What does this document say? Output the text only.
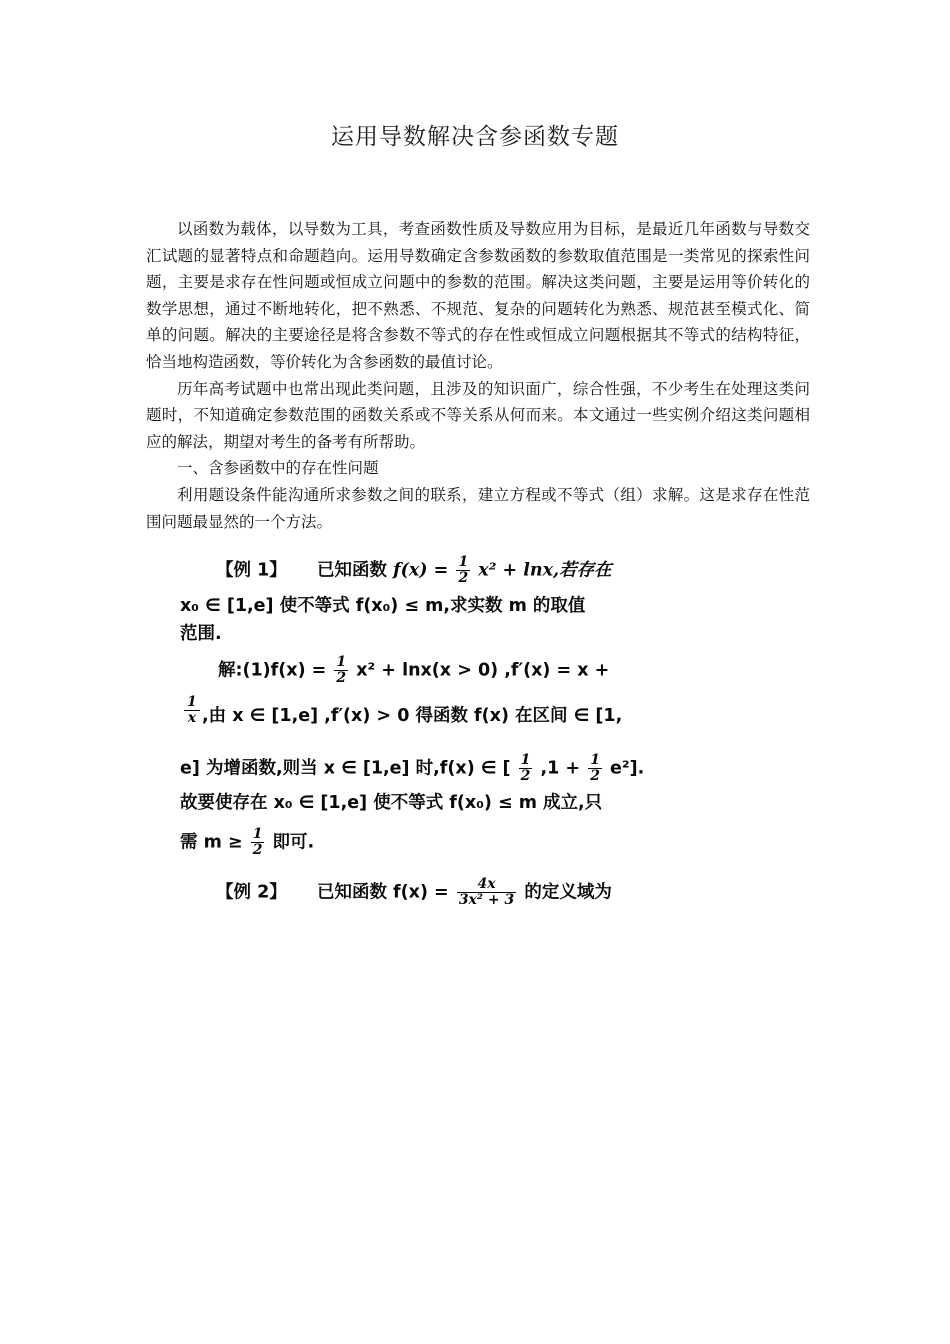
运用导数解决含参函数专题

以函数为载体，以导数为工具，考查函数性质及导数应用为目标，是最近几年函数与导数交汇试题的显著特点和命题趋向。运用导数确定含参数函数的参数取值范围是一类常见的探索性问题，主要是求存在性问题或恒成立问题中的参数的范围。解决这类问题，主要是运用等价转化的数学思想，通过不断地转化，把不熟悉、不规范、复杂的问题转化为熟悉、规范甚至模式化、简单的问题。解决的主要途径是将含参数不等式的存在性或恒成立问题根据其不等式的结构特征，恰当地构造函数，等价转化为含参函数的最值讨论。

历年高考试题中也常出现此类问题，且涉及的知识面广，综合性强，不少考生在处理这类问题时，不知道确定参数范围的函数关系或不等关系从何而来。本文通过一些实例介绍这类问题相应的解法，期望对考生的备考有所帮助。

一、含参函数中的存在性问题

利用题设条件能沟通所求参数之间的联系，建立方程或不等式（组）求解。这是求存在性范围问题最显然的一个方法。

【例 1】 已知函数 $f(x) = \frac{1}{2} x^2 + \ln x$,若存在
x₀ ∈ [1,e] 使不等式 f(x₀) ≤ m,求实数 m 的取值
范围.
解:(1)f(x) = $\frac{1}{2} x^2 + \ln x(x > 0) ,f'(x) = x$ +
$\frac{1}{x}$ ,由 x ∈ [1,e] ,f′(x) > 0 得函数 f(x) 在区间 ∈ [1,
e] 为增函数,则当 x ∈ [1,e] 时,f(x) ∈ [ $\frac{1}{2} ,1 + \frac{1}{2} e^2$].
故要使存在 x₀ ∈ [1,e] 使不等式 f(x₀) ≤ m 成立,只
需 $m \ge \frac{1}{2}$ 即可.
【例 2】 已知函数 $f(x) = \frac{4x}{\text{3x² + 3}}$ 的定义域为
